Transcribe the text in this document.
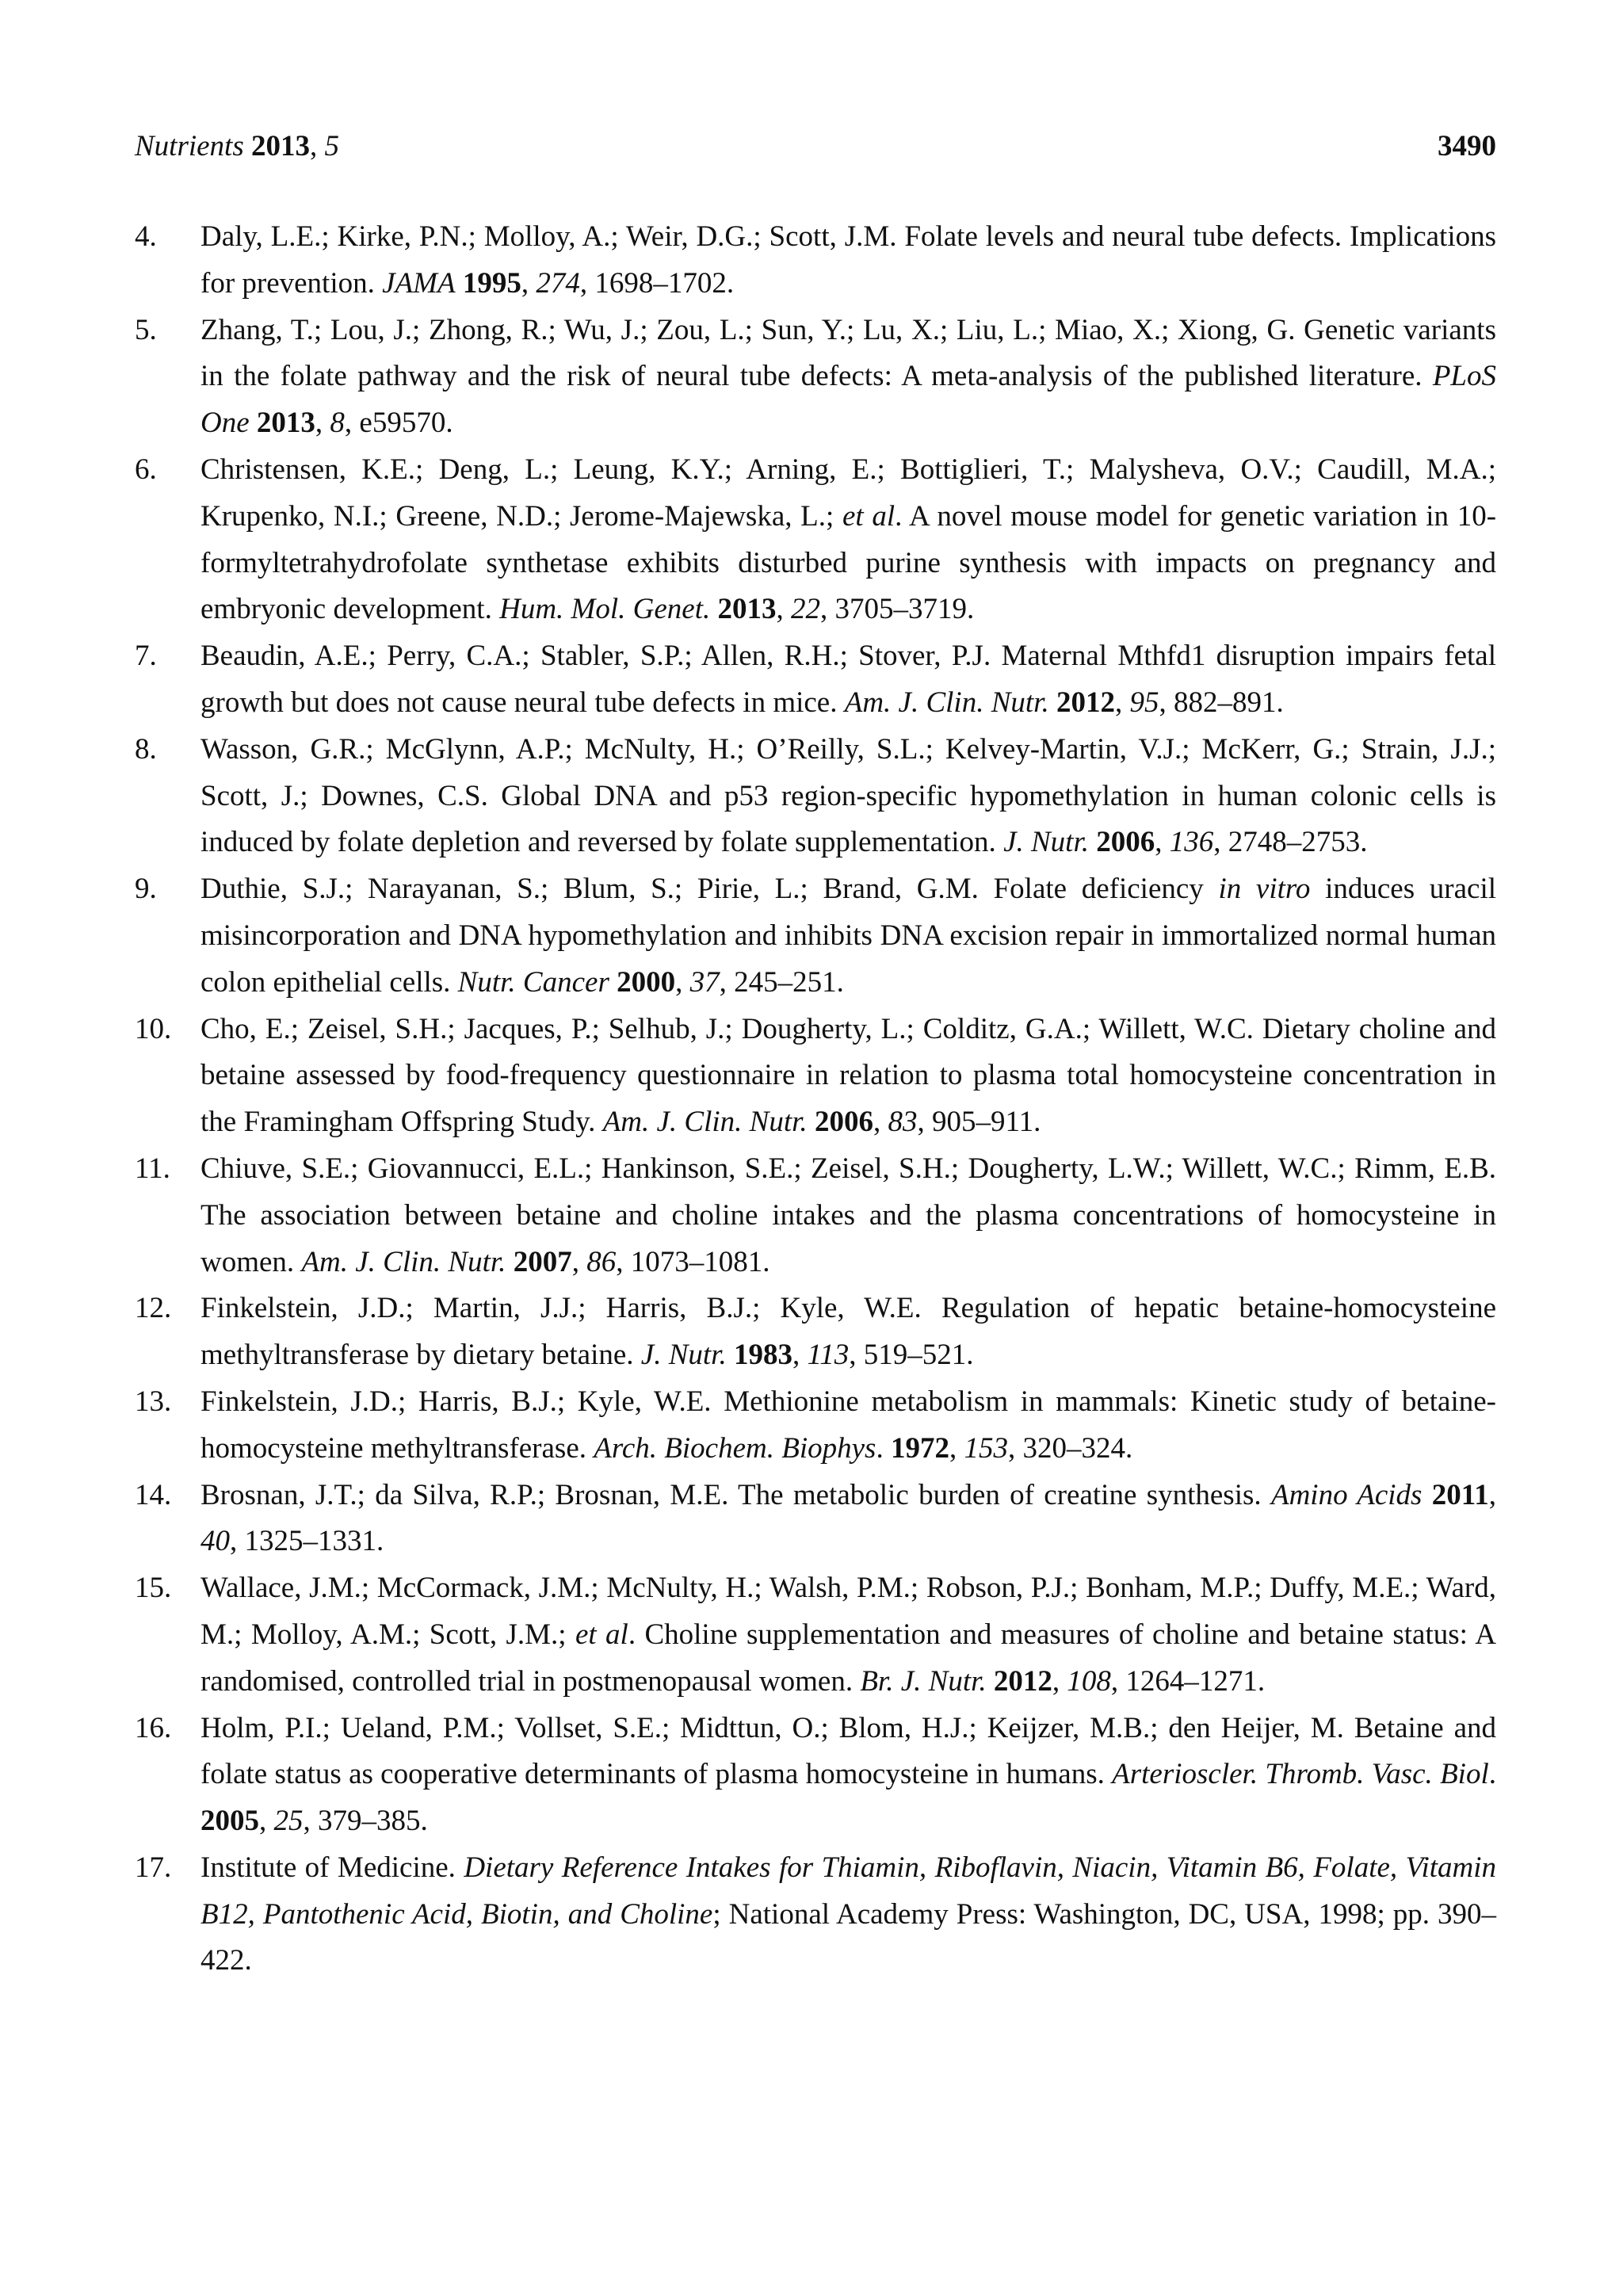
Nutrients 2013, 5	3490
4.	Daly, L.E.; Kirke, P.N.; Molloy, A.; Weir, D.G.; Scott, J.M. Folate levels and neural tube defects. Implications for prevention. JAMA 1995, 274, 1698–1702.
5.	Zhang, T.; Lou, J.; Zhong, R.; Wu, J.; Zou, L.; Sun, Y.; Lu, X.; Liu, L.; Miao, X.; Xiong, G. Genetic variants in the folate pathway and the risk of neural tube defects: A meta-analysis of the published literature. PLoS One 2013, 8, e59570.
6.	Christensen, K.E.; Deng, L.; Leung, K.Y.; Arning, E.; Bottiglieri, T.; Malysheva, O.V.; Caudill, M.A.; Krupenko, N.I.; Greene, N.D.; Jerome-Majewska, L.; et al. A novel mouse model for genetic variation in 10-formyltetrahydrofolate synthetase exhibits disturbed purine synthesis with impacts on pregnancy and embryonic development. Hum. Mol. Genet. 2013, 22, 3705–3719.
7.	Beaudin, A.E.; Perry, C.A.; Stabler, S.P.; Allen, R.H.; Stover, P.J. Maternal Mthfd1 disruption impairs fetal growth but does not cause neural tube defects in mice. Am. J. Clin. Nutr. 2012, 95, 882–891.
8.	Wasson, G.R.; McGlynn, A.P.; McNulty, H.; O’Reilly, S.L.; Kelvey-Martin, V.J.; McKerr, G.; Strain, J.J.; Scott, J.; Downes, C.S. Global DNA and p53 region-specific hypomethylation in human colonic cells is induced by folate depletion and reversed by folate supplementation. J. Nutr. 2006, 136, 2748–2753.
9.	Duthie, S.J.; Narayanan, S.; Blum, S.; Pirie, L.; Brand, G.M. Folate deficiency in vitro induces uracil misincorporation and DNA hypomethylation and inhibits DNA excision repair in immortalized normal human colon epithelial cells. Nutr. Cancer 2000, 37, 245–251.
10. Cho, E.; Zeisel, S.H.; Jacques, P.; Selhub, J.; Dougherty, L.; Colditz, G.A.; Willett, W.C. Dietary choline and betaine assessed by food-frequency questionnaire in relation to plasma total homocysteine concentration in the Framingham Offspring Study. Am. J. Clin. Nutr. 2006, 83, 905–911.
11.	Chiuve, S.E.; Giovannucci, E.L.; Hankinson, S.E.; Zeisel, S.H.; Dougherty, L.W.; Willett, W.C.; Rimm, E.B. The association between betaine and choline intakes and the plasma concentrations of homocysteine in women. Am. J. Clin. Nutr. 2007, 86, 1073–1081.
12. Finkelstein, J.D.; Martin, J.J.; Harris, B.J.; Kyle, W.E. Regulation of hepatic betaine-homocysteine methyltransferase by dietary betaine. J. Nutr. 1983, 113, 519–521.
13. Finkelstein, J.D.; Harris, B.J.; Kyle, W.E. Methionine metabolism in mammals: Kinetic study of betaine-homocysteine methyltransferase. Arch. Biochem. Biophys. 1972, 153, 320–324.
14. Brosnan, J.T.; da Silva, R.P.; Brosnan, M.E. The metabolic burden of creatine synthesis. Amino Acids 2011, 40, 1325–1331.
15. Wallace, J.M.; McCormack, J.M.; McNulty, H.; Walsh, P.M.; Robson, P.J.; Bonham, M.P.; Duffy, M.E.; Ward, M.; Molloy, A.M.; Scott, J.M.; et al. Choline supplementation and measures of choline and betaine status: A randomised, controlled trial in postmenopausal women. Br. J. Nutr. 2012, 108, 1264–1271.
16. Holm, P.I.; Ueland, P.M.; Vollset, S.E.; Midttun, O.; Blom, H.J.; Keijzer, M.B.; den Heijer, M. Betaine and folate status as cooperative determinants of plasma homocysteine in humans. Arterioscler. Thromb. Vasc. Biol. 2005, 25, 379–385.
17. Institute of Medicine. Dietary Reference Intakes for Thiamin, Riboflavin, Niacin, Vitamin B6, Folate, Vitamin B12, Pantothenic Acid, Biotin, and Choline; National Academy Press: Washington, DC, USA, 1998; pp. 390–422.
